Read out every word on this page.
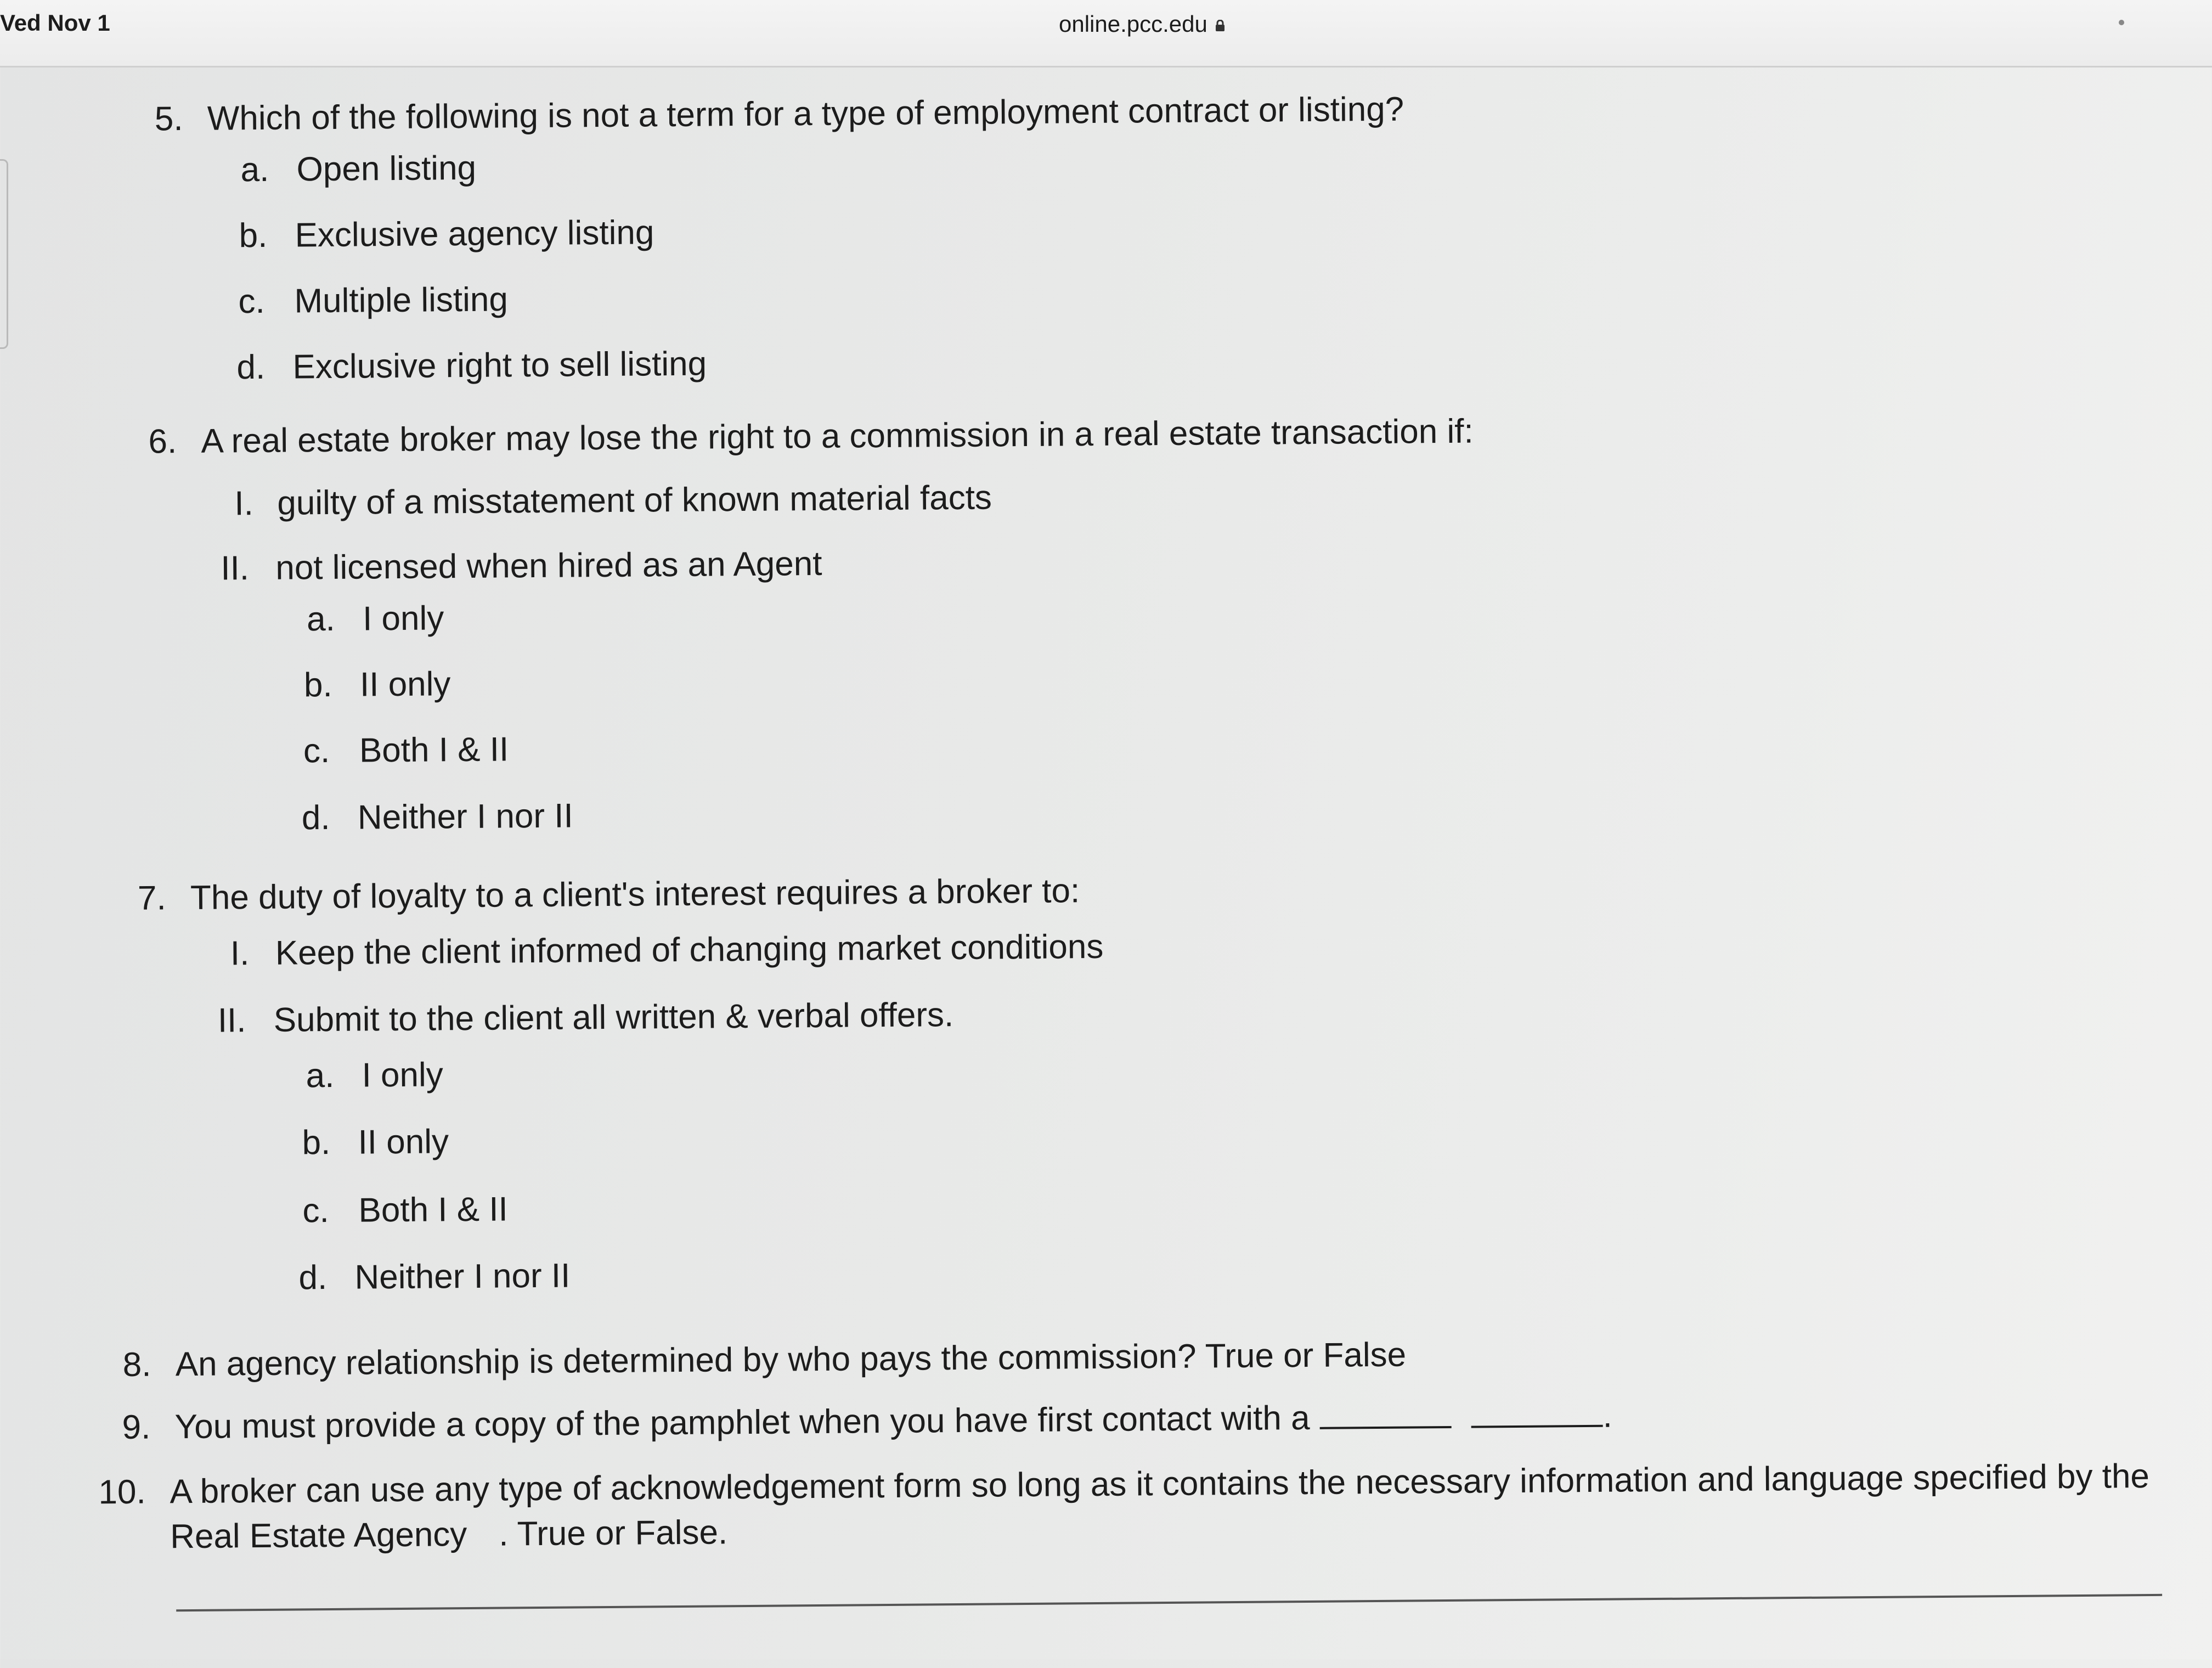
Ved Nov 1	online.pcc.edu
5. Which of the following is not a term for a type of employment contract or listing?
a. Open listing
b. Exclusive agency listing
c. Multiple listing
d. Exclusive right to sell listing
6. A real estate broker may lose the right to a commission in a real estate transaction if:
I. guilty of a misstatement of known material facts
II. not licensed when hired as an Agent
a. I only
b. II only
c. Both I & II
d. Neither I nor II
7. The duty of loyalty to a client's interest requires a broker to:
I. Keep the client informed of changing market conditions
II. Submit to the client all written & verbal offers.
a. I only
b. II only
c. Both I & II
d. Neither I nor II
8. An agency relationship is determined by who pays the commission? True or False
9. You must provide a copy of the pamphlet when you have first contact with a	.
10. A broker can use any type of acknowledgement form so long as it contains the necessary information and language specified by the
Real Estate Agency . True or False.
